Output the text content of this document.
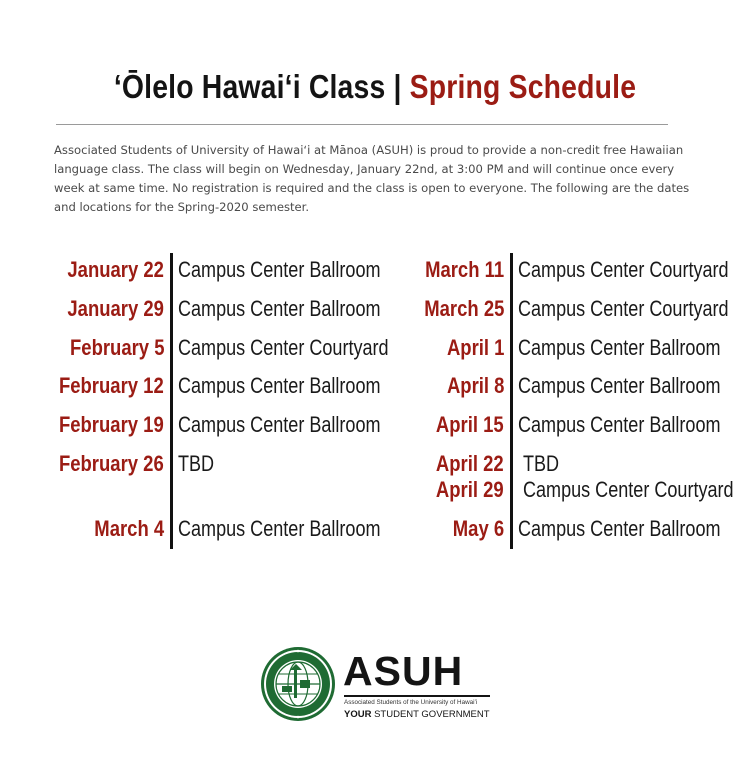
ʻŌlelo Hawaiʻi Class | Spring Schedule
Associated Students of University of Hawaiʻi at Mānoa (ASUH) is proud to provide a non-credit free Hawaiian language class. The class will begin on Wednesday, January 22nd, at 3:00 PM and will continue once every week at same time. No registration is required and the class is open to everyone. The following are the dates and locations for the Spring-2020 semester.
January 22 Campus Center Ballroom
January 29 Campus Center Ballroom
February 5 Campus Center Courtyard
February 12 Campus Center Ballroom
February 19 Campus Center Ballroom
February 26 TBD
March 4 Campus Center Ballroom
March 11 Campus Center Courtyard
March 25 Campus Center Courtyard
April 1 Campus Center Ballroom
April 8 Campus Center Ballroom
April 15 Campus Center Ballroom
April 22 TBD
April 29 Campus Center Courtyard
May 6 Campus Center Ballroom
ASUH
Associated Students of the University of Hawaiʻi
YOUR STUDENT GOVERNMENT
